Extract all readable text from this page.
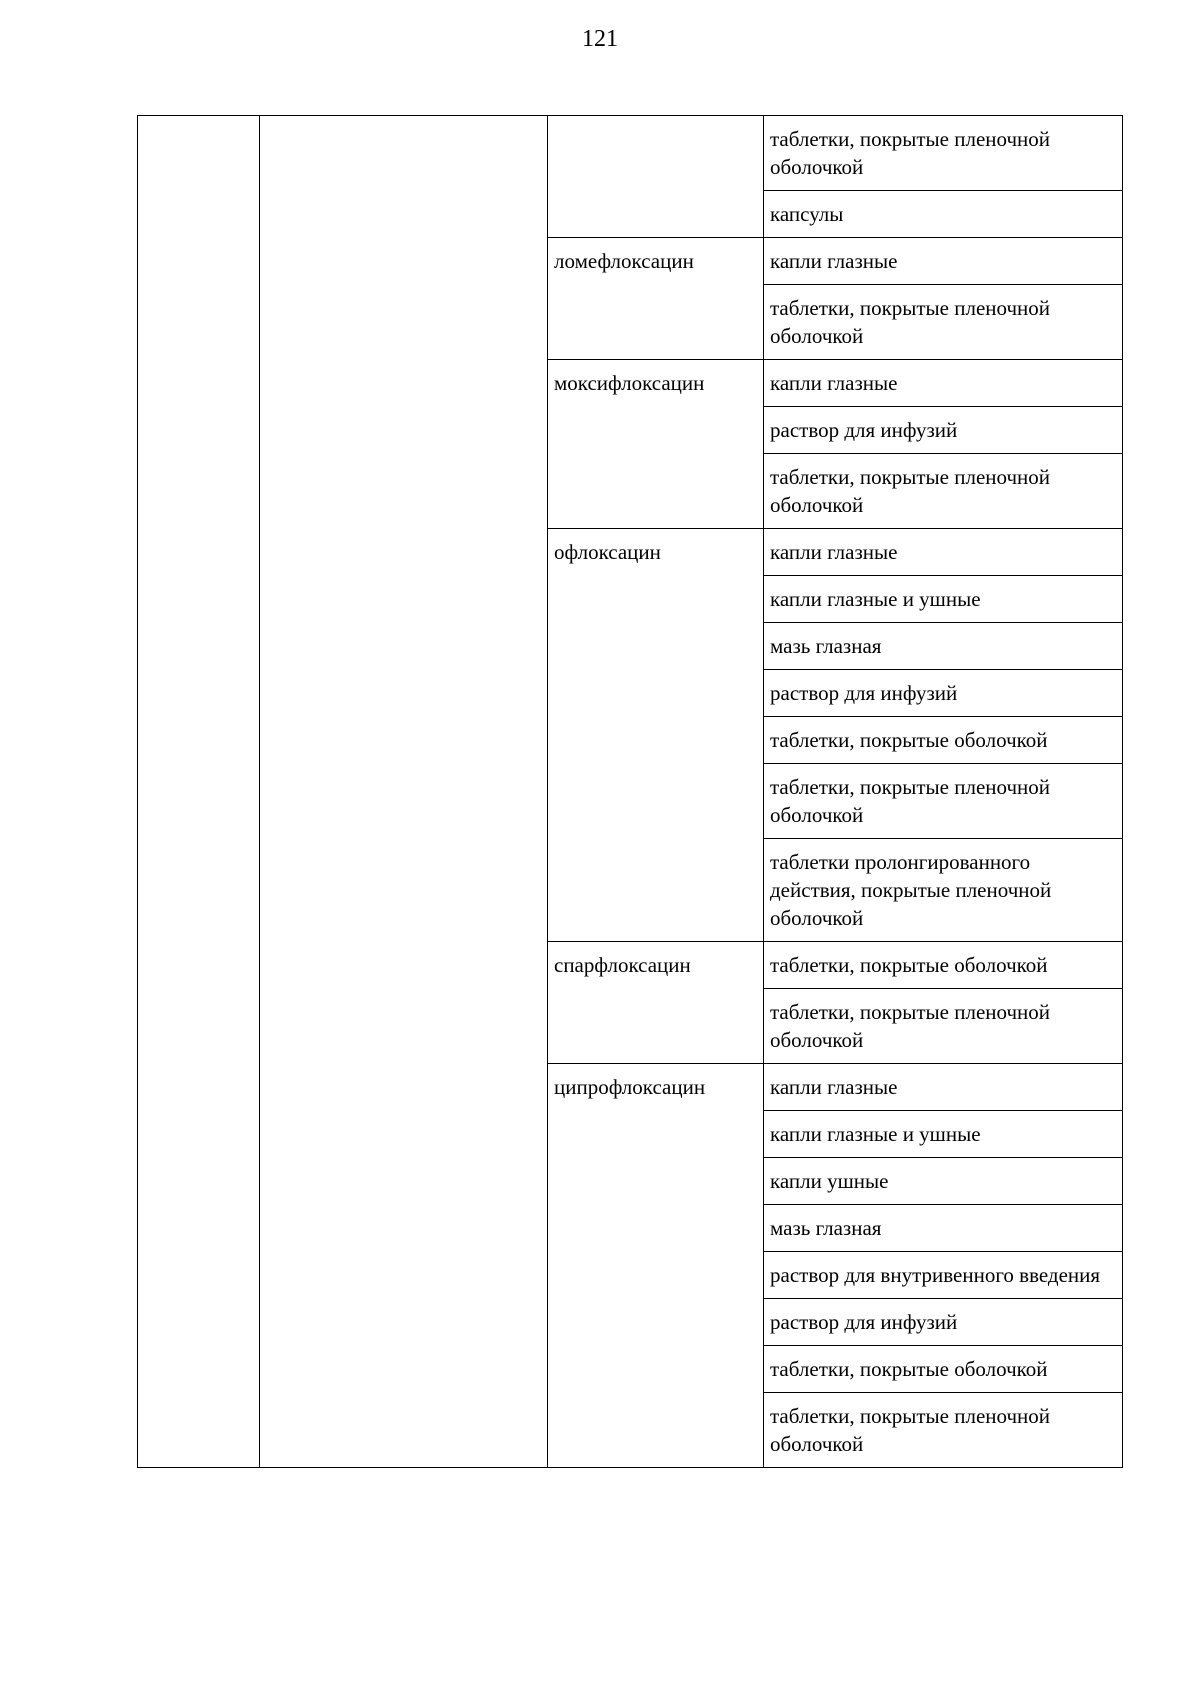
121
			таблетки, покрытые пленочной оболочкой
			капсулы
		ломефлоксацин	капли глазные
			таблетки, покрытые пленочной оболочкой
		моксифлоксацин	капли глазные
			раствор для инфузий
			таблетки, покрытые пленочной оболочкой
		офлоксацин	капли глазные
			капли глазные и ушные
			мазь глазная
			раствор для инфузий
			таблетки, покрытые оболочкой
			таблетки, покрытые пленочной оболочкой
			таблетки пролонгированного действия, покрытые пленочной оболочкой
		спарфлоксацин	таблетки, покрытые оболочкой
			таблетки, покрытые пленочной оболочкой
		ципрофлоксацин	капли глазные
			капли глазные и ушные
			капли ушные
			мазь глазная
			раствор для внутривенного введения
			раствор для инфузий
			таблетки, покрытые оболочкой
			таблетки, покрытые пленочной оболочкой
